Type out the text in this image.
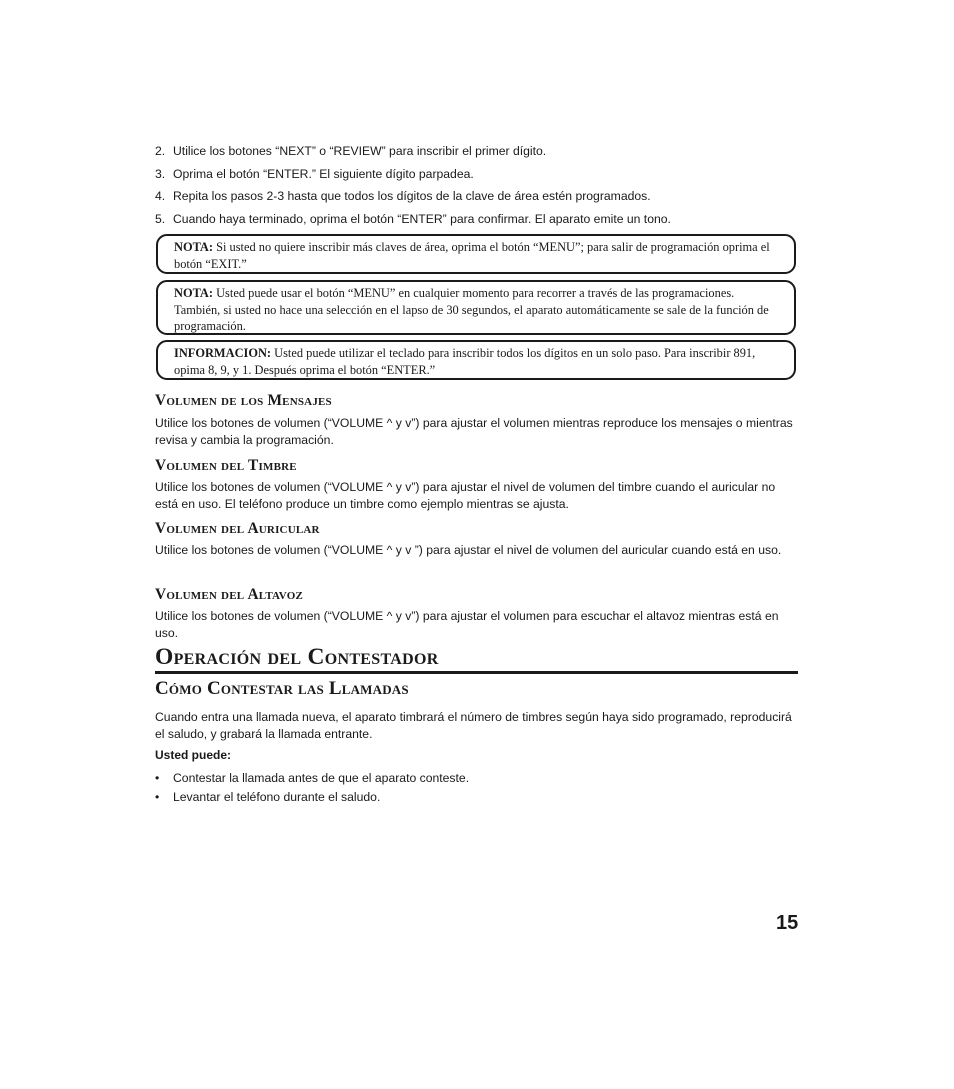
2. Utilice los botones “NEXT” o “REVIEW” para inscribir el primer dígito.
3. Oprima el botón “ENTER.” El siguiente dígito parpadea.
4. Repita los pasos 2-3 hasta que todos los dígitos de la clave de área estén programados.
5. Cuando haya terminado, oprima el botón “ENTER” para confirmar. El aparato emite un tono.
NOTA: Si usted no quiere inscribir más claves de área, oprima el botón “MENU”; para salir de programación oprima el botón “EXIT.”
NOTA: Usted puede usar el botón “MENU” en cualquier momento para recorrer a través de las programaciones. También, si usted no hace una selección en el lapso de 30 segundos, el aparato automáticamente se sale de la función de programación.
INFORMACION: Usted puede utilizar el teclado para inscribir todos los dígitos en un solo paso. Para inscribir 891, opima 8, 9, y 1. Después oprima el botón “ENTER.”
Volumen de los Mensajes

Utilice los botones de volumen (“VOLUME ^ y v”) para ajustar el volumen mientras reproduce los mensajes o mientras revisa y cambia la programación.

Volumen del Timbre

Utilice los botones de volumen (“VOLUME ^ y v”) para ajustar el nivel de volumen del timbre cuando el auricular no está en uso. El teléfono produce un timbre como ejemplo mientras se ajusta.

Volumen del Auricular

Utilice los botones de volumen (“VOLUME ^ y v ”) para ajustar el nivel de volumen del auricular cuando está en uso.

Volumen del Altavoz

Utilice los botones de volumen (“VOLUME ^ y v”) para ajustar el volumen para escuchar el altavoz mientras está en uso.

Operación del Contestador
Cómo Contestar las Llamadas

Cuando entra una llamada nueva, el aparato timbrará el número de timbres según haya sido programado, reproducirá el saludo, y grabará la llamada entrante.

Usted puede:

•	Contestar la llamada antes de que el aparato conteste.
•	Levantar el teléfono durante el saludo.
15
